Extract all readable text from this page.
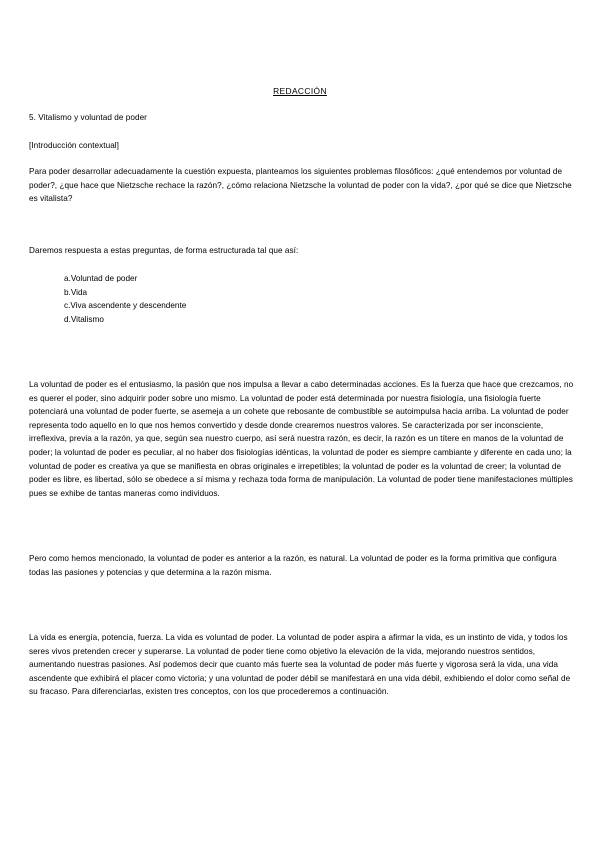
REDACCIÓN

5. Vitalismo y voluntad de poder

[Introducción contextual]

Para poder desarrollar adecuadamente la cuestión expuesta, planteamos los siguientes problemas filosóficos: ¿qué entendemos por voluntad de poder?, ¿que hace que Nietzsche rechace la razón?, ¿cómo relaciona Nietzsche la voluntad de poder con la vida?, ¿por qué se dice que Nietzsche es vitalista?

Daremos respuesta a estas preguntas, de forma estructurada tal que así:

a.Voluntad de poder
b.Vida
c.Viva ascendente y descendente
d.Vitalismo

La voluntad de poder es el entusiasmo, la pasión que nos impulsa a llevar a cabo determinadas acciones. Es la fuerza que hace que crezcamos, no es querer el poder, sino adquirir poder sobre uno mismo. La voluntad de poder está determinada por nuestra fisiología, una fisiología fuerte potenciará una voluntad de poder fuerte, se asemeja a un cohete que rebosante de combustible se autoimpulsa hacia arriba. La voluntad de poder representa todo aquello en lo que nos hemos convertido y desde donde crearemos nuestros valores. Se caracterizada por ser inconsciente, irreflexiva, previa a la razón, ya que, según sea nuestro cuerpo, así será nuestra razón, es decir, la razón es un títere en manos de la voluntad de poder; la voluntad de poder es peculiar, al no haber dos fisiologías idénticas, la voluntad de poder es siempre cambiante y diferente en cada uno; la voluntad de poder es creativa ya que se manifiesta en obras originales e irrepetibles; la voluntad de poder es la voluntad de creer; la voluntad de poder es libre, es libertad, sólo se obedece a sí misma y rechaza toda forma de manipulación. La voluntad de poder tiene manifestaciones múltiples pues se exhibe de tantas maneras como individuos.

Pero como hemos mencionado, la voluntad de poder es anterior a la razón, es natural. La voluntad de poder es la forma primitiva que configura todas las pasiones y potencias y que determina a la razón misma.

La vida es energía, potencia, fuerza. La vida es voluntad de poder. La voluntad de poder aspira a afirmar la vida, es un instinto de vida, y todos los seres vivos pretenden crecer y superarse. La voluntad de poder tiene como objetivo la elevación de la vida, mejorando nuestros sentidos, aumentando nuestras pasiones. Así podemos decir que cuanto más fuerte sea la voluntad de poder más fuerte y vigorosa será la vida, una vida ascendente que exhibirá el placer como victoria; y una voluntad de poder débil se manifestará en una vida débil, exhibiendo el dolor como señal de su fracaso. Para diferenciarlas, existen tres conceptos, con los que procederemos a continuación.
